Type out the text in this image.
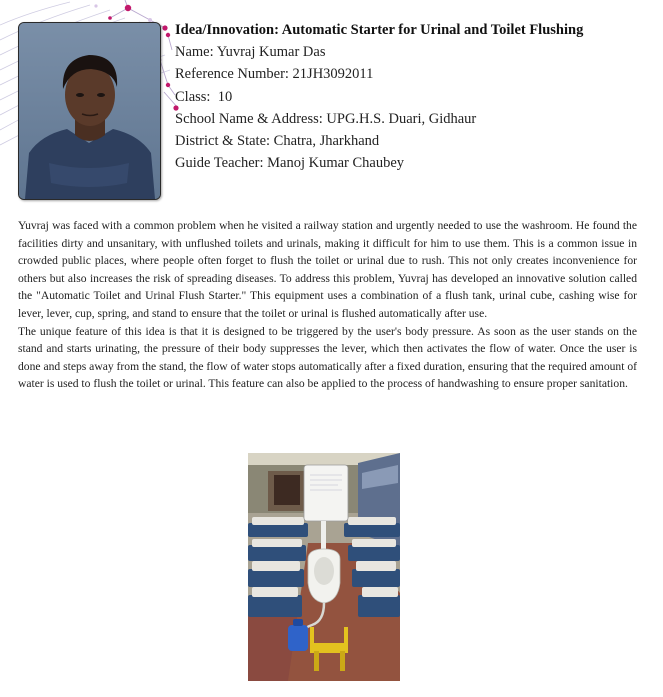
Idea/Innovation: Automatic Starter for Urinal and Toilet Flushing
Name: Yuvraj Kumar Das
Reference Number: 21JH3092011
Class:  10
School Name & Address: UPG.H.S. Duari, Gidhaur
District & State: Chatra, Jharkhand
Guide Teacher: Manoj Kumar Chaubey

Yuvraj was faced with a common problem when he visited a railway station and urgently needed to use the washroom. He found the facilities dirty and unsanitary, with unflushed toilets and urinals, making it difficult for him to use them. This is a common issue in crowded public places, where people often forget to flush the toilet or urinal due to rush. This not only creates inconvenience for others but also increases the risk of spreading diseases. To address this problem, Yuvraj has developed an innovative solution called the "Automatic Toilet and Urinal Flush Starter." This equipment uses a combination of a flush tank, urinal cube, cashing wise for lever, lever, cup, spring, and stand to ensure that the toilet or urinal is flushed automatically after use.

The unique feature of this idea is that it is designed to be triggered by the user's body pressure. As soon as the user stands on the stand and starts urinating, the pressure of their body suppresses the lever, which then activates the flow of water. Once the user is done and steps away from the stand, the flow of water stops automatically after a fixed duration, ensuring that the required amount of water is used to flush the toilet or urinal. This feature can also be applied to the process of handwashing to ensure proper sanitation.
